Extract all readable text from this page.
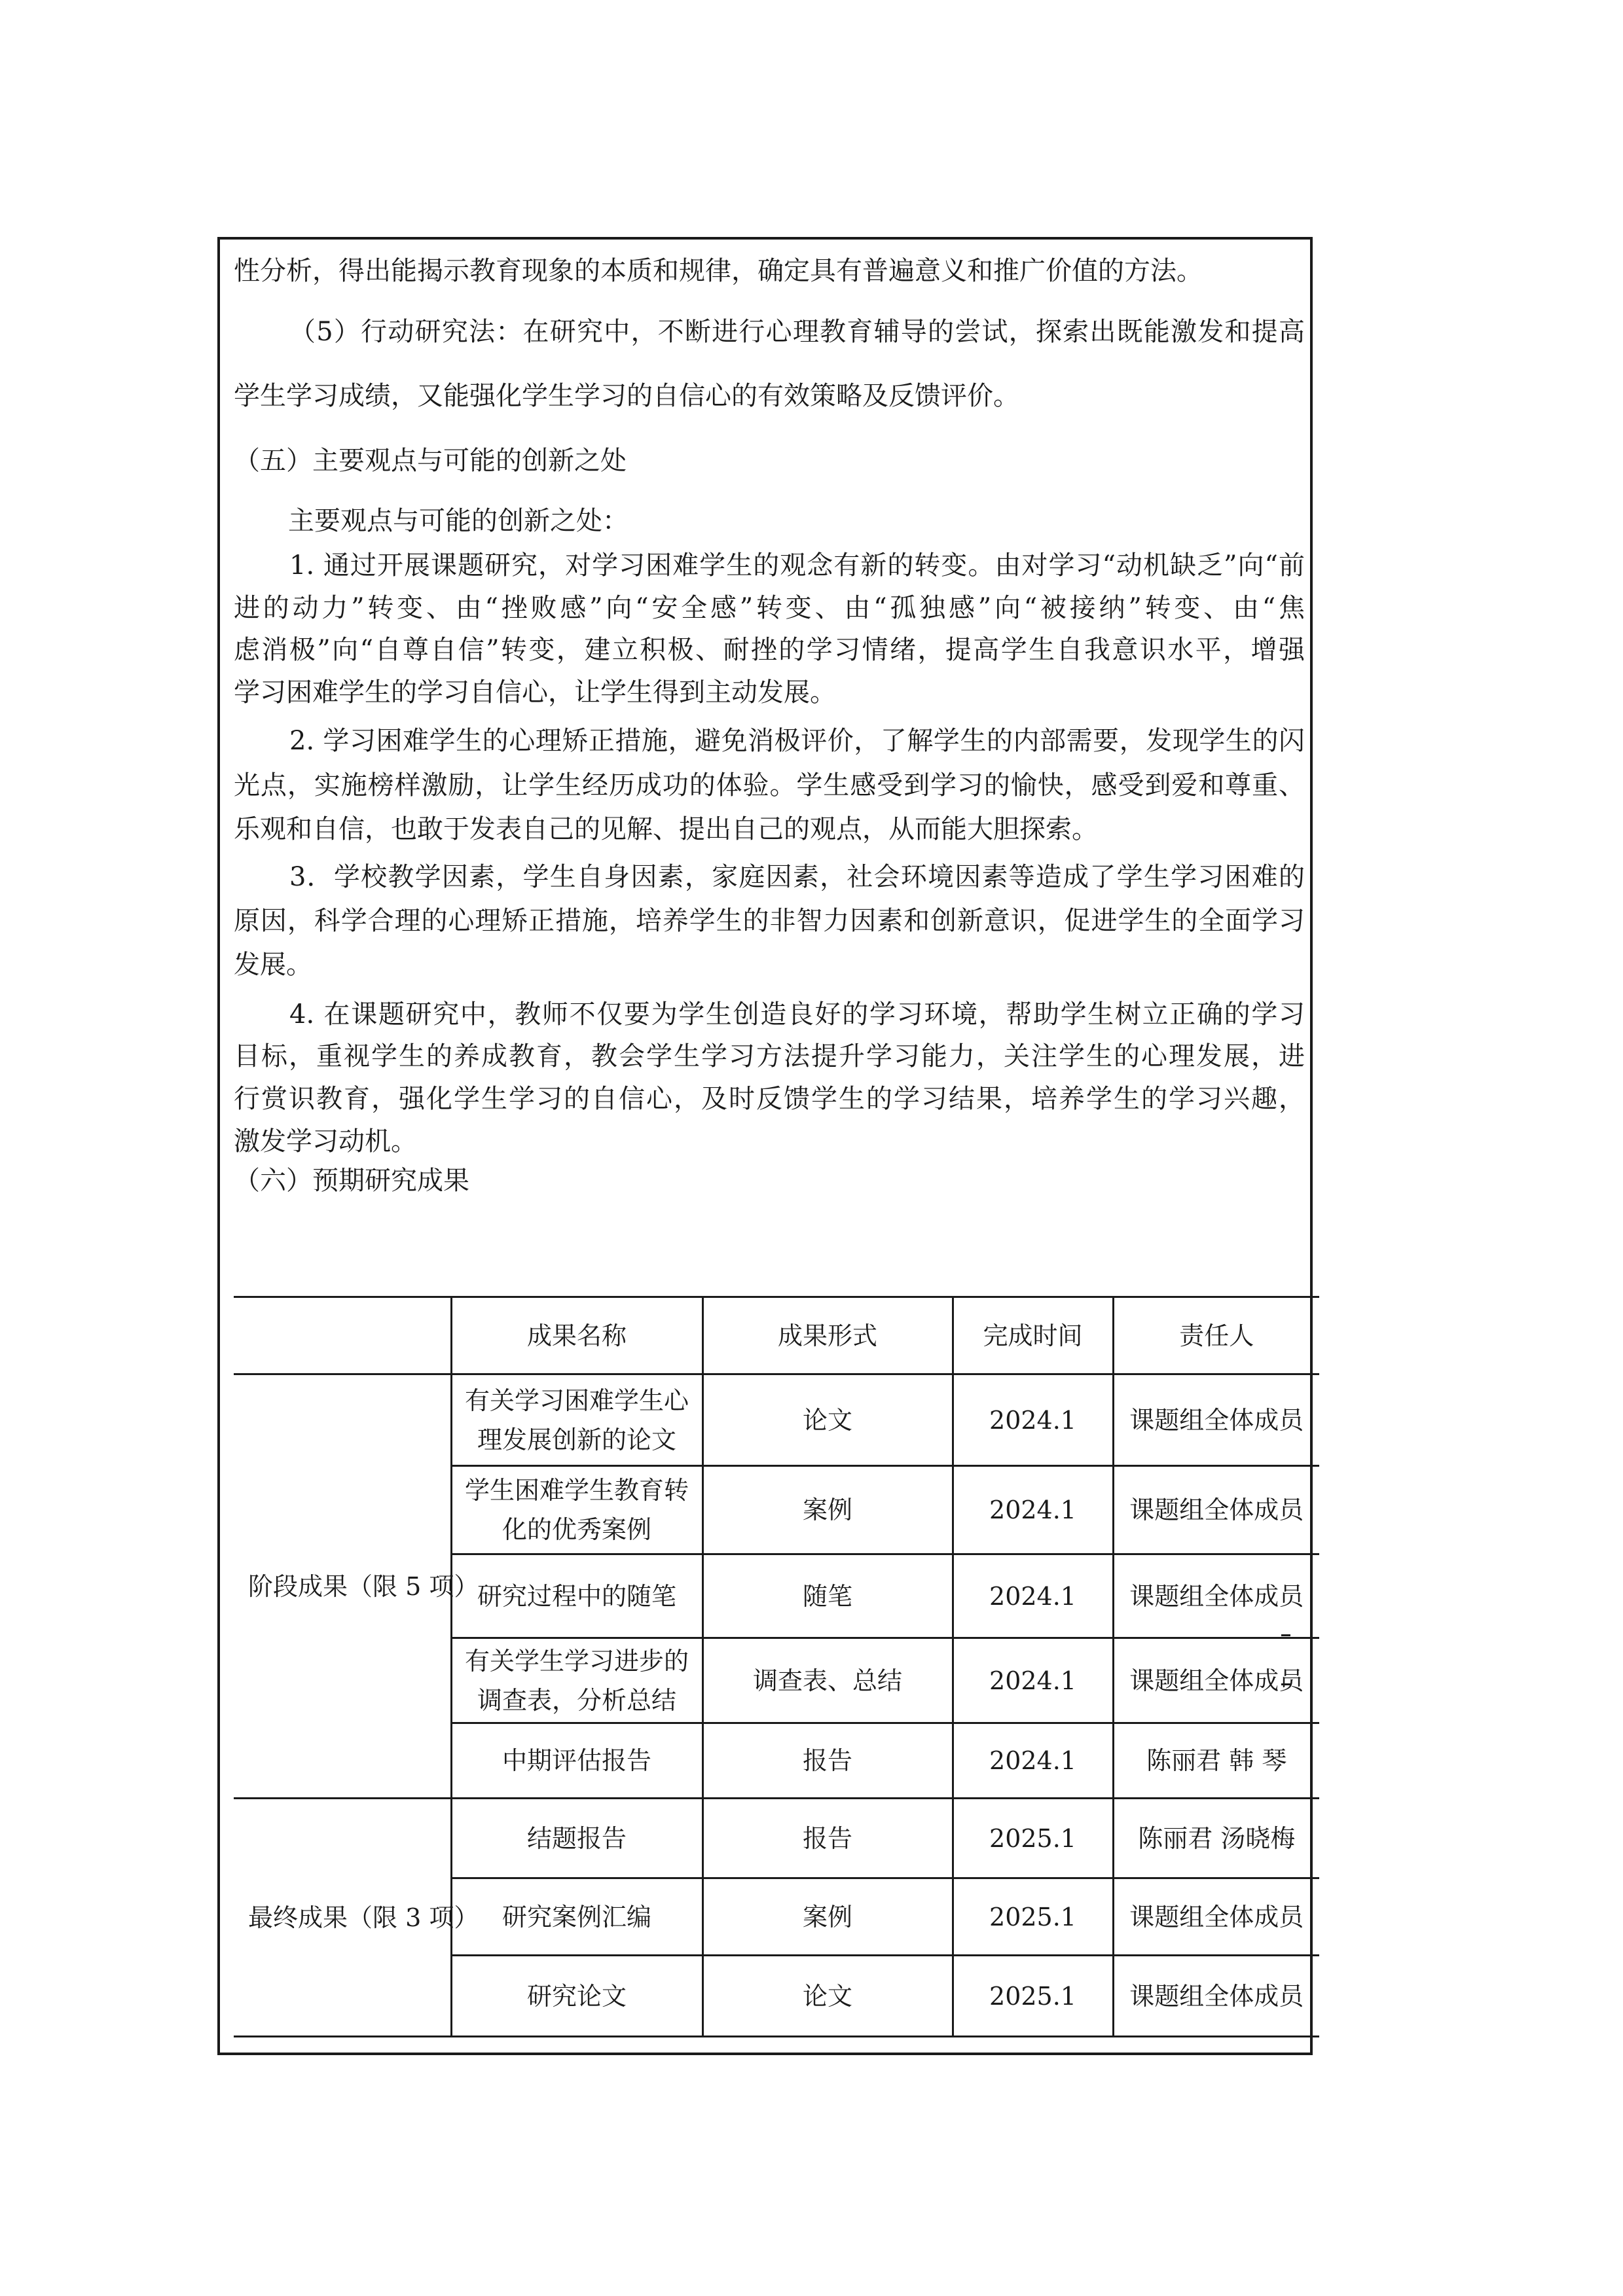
性分析，得出能揭示教育现象的本质和规律，确定具有普遍意义和推广价值的方法。
（5）行动研究法：在研究中，不断进行心理教育辅导的尝试，探索出既能激发和提高
学生学习成绩，又能强化学生学习的自信心的有效策略及反馈评价。
（五）主要观点与可能的创新之处
主要观点与可能的创新之处：
1. 通过开展课题研究，对学习困难学生的观念有新的转变。由对学习“动机缺乏”向“前
进的动力”转变、由“挫败感”向“安全感”转变、由“孤独感”向“被接纳”转变、由“焦
虑消极”向“自尊自信”转变，建立积极、耐挫的学习情绪，提高学生自我意识水平，增强
学习困难学生的学习自信心，让学生得到主动发展。
2. 学习困难学生的心理矫正措施，避免消极评价，了解学生的内部需要，发现学生的闪
光点，实施榜样激励，让学生经历成功的体验。学生感受到学习的愉快，感受到爱和尊重、
乐观和自信，也敢于发表自己的见解、提出自己的观点，从而能大胆探索。
3．学校教学因素，学生自身因素，家庭因素，社会环境因素等造成了学生学习困难的
原因，科学合理的心理矫正措施，培养学生的非智力因素和创新意识，促进学生的全面学习
发展。
4. 在课题研究中，教师不仅要为学生创造良好的学习环境，帮助学生树立正确的学习
目标，重视学生的养成教育，教会学生学习方法提升学习能力，关注学生的心理发展，进
行赏识教育，强化学生学习的自信心，及时反馈学生的学习结果，培养学生的学习兴趣，
激发学习动机。
（六）预期研究成果
	成果名称	成果形式	完成时间	责任人
阶段成果（限 5 项）	有关学习困难学生心理发展创新的论文	论文	2024.1	课题组全体成员
	学生困难学生教育转化的优秀案例	案例	2024.1	课题组全体成员
	研究过程中的随笔	随笔	2024.1	课题组全体成员
	有关学生学习进步的调查表，分析总结	调查表、总结	2024.1	课题组全体成员
	中期评估报告	报告	2024.1	陈丽君 韩 琴
最终成果（限 3 项）	结题报告	报告	2025.1	陈丽君 汤晓梅
	研究案例汇编	案例	2025.1	课题组全体成员
	研究论文	论文	2025.1	课题组全体成员
